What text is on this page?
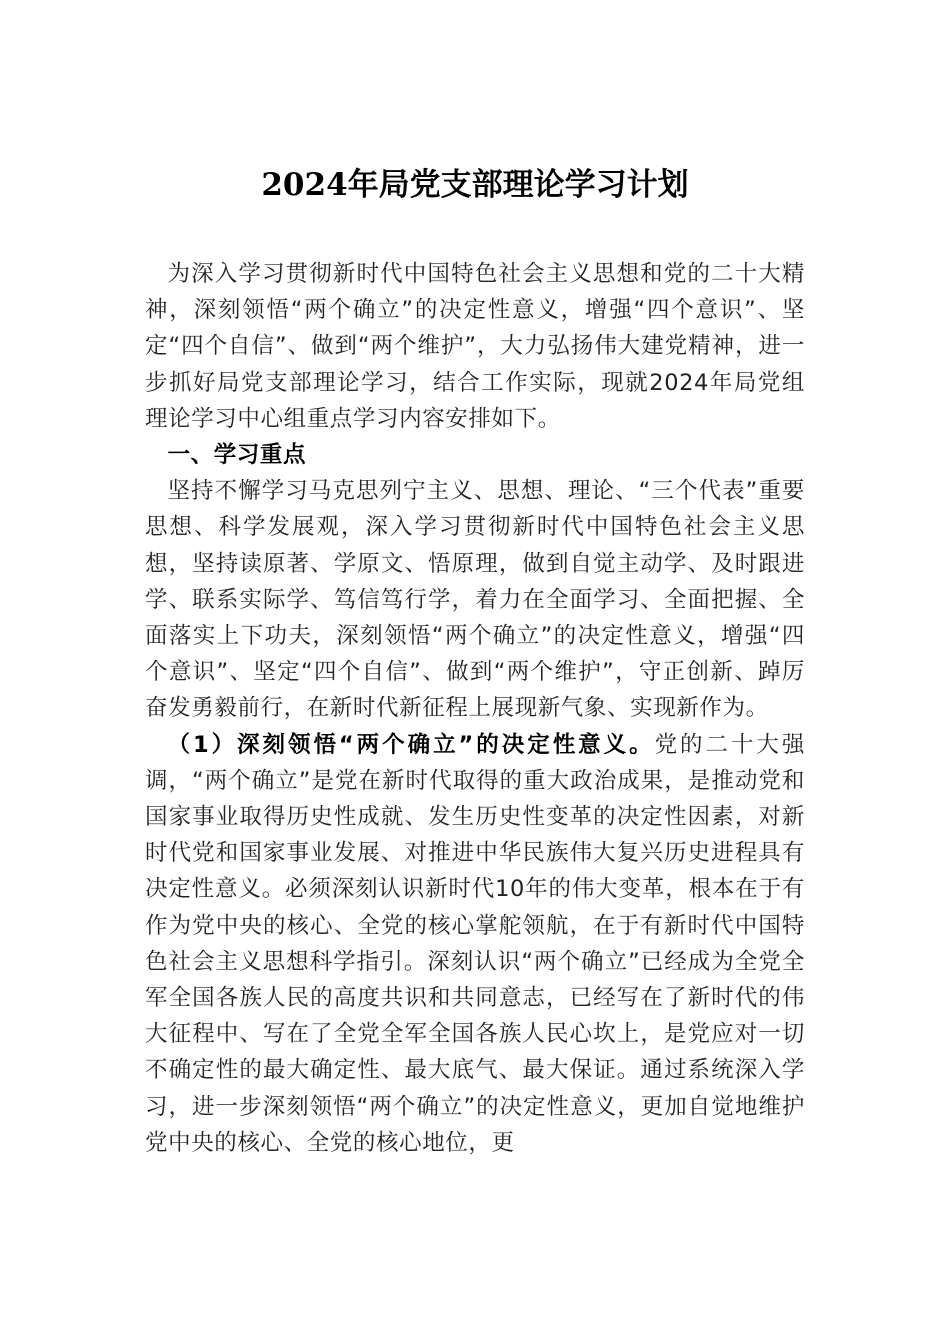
2024年局党支部理论学习计划

为深入学习贯彻新时代中国特色社会主义思想和党的二十大精神，深刻领悟“两个确立”的决定性意义，增强“四个意识”、坚定“四个自信”、做到“两个维护”，大力弘扬伟大建党精神，进一步抓好局党支部理论学习，结合工作实际，现就2024年局党组理论学习中心组重点学习内容安排如下。

一、学习重点

坚持不懈学习马克思列宁主义、思想、理论、“三个代表”重要思想、科学发展观，深入学习贯彻新时代中国特色社会主义思想，坚持读原著、学原文、悟原理，做到自觉主动学、及时跟进学、联系实际学、笃信笃行学，着力在全面学习、全面把握、全面落实上下功夫，深刻领悟“两个确立”的决定性意义，增强“四个意识”、坚定“四个自信”、做到“两个维护”，守正创新、踔厉奋发勇毅前行，在新时代新征程上展现新气象、实现新作为。

（1）深刻领悟“两个确立”的决定性意义。党的二十大强调，“两个确立”是党在新时代取得的重大政治成果，是推动党和国家事业取得历史性成就、发生历史性变革的决定性因素，对新时代党和国家事业发展、对推进中华民族伟大复兴历史进程具有决定性意义。必须深刻认识新时代10年的伟大变革，根本在于有作为党中央的核心、全党的核心掌舵领航，在于有新时代中国特色社会主义思想科学指引。深刻认识“两个确立”已经成为全党全军全国各族人民的高度共识和共同意志，已经写在了新时代的伟大征程中、写在了全党全军全国各族人民心坎上，是党应对一切不确定性的最大确定性、最大底气、最大保证。通过系统深入学习，进一步深刻领悟“两个确立”的决定性意义，更加自觉地维护党中央的核心、全党的核心地位，更
